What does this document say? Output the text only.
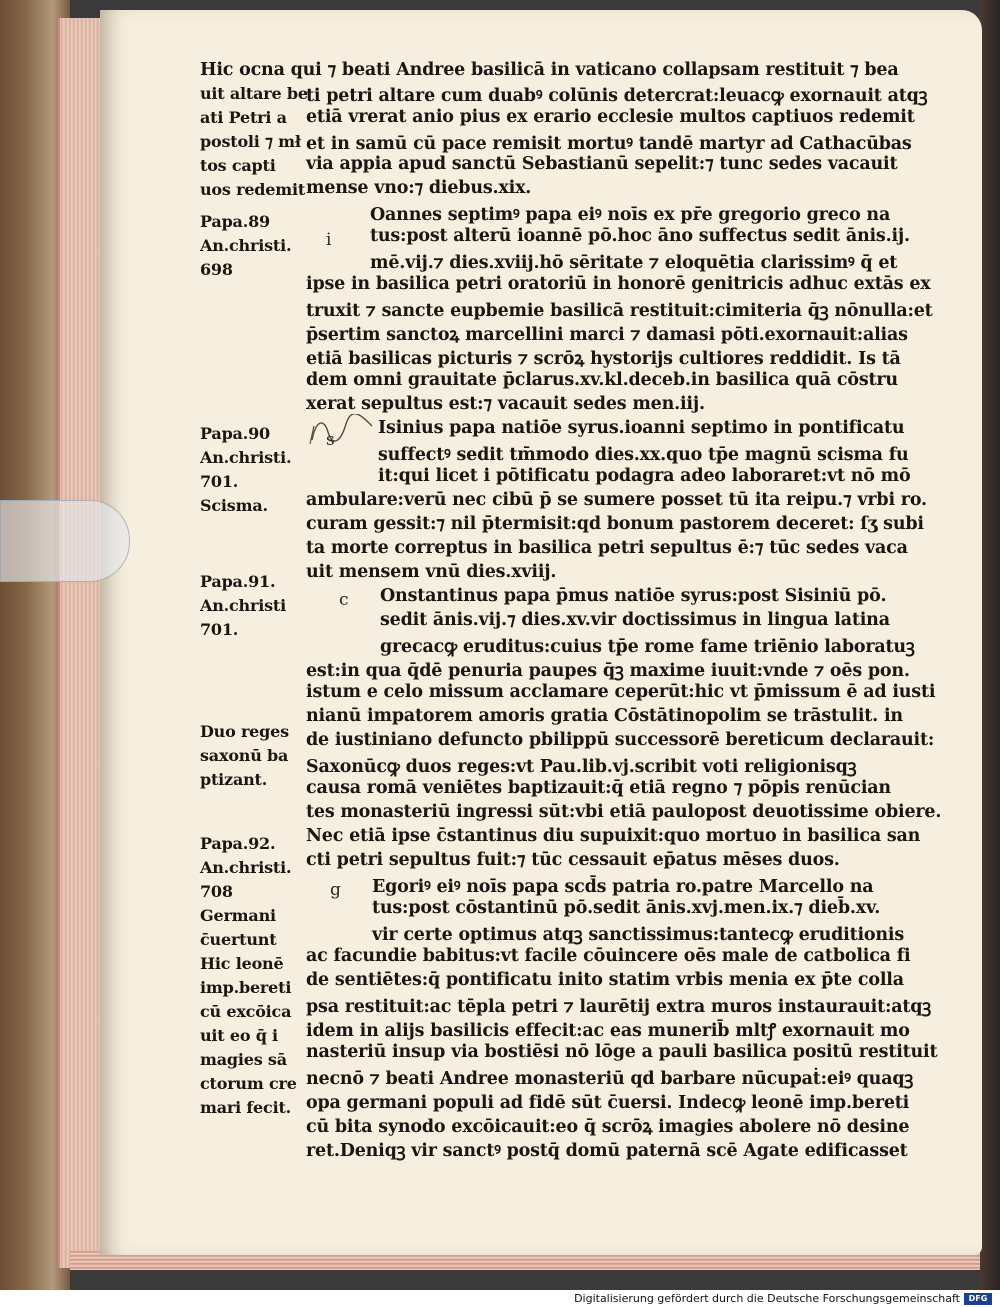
Hic ocna qui ⁊ beati Andree basilicā in vaticano collapsam restituit ⁊ bea
ti petri altare cum duabꝰ colūnis detercrat:leuacꝙ exornauit atqꝫ
etiā vrerat anio pius ex erario ecclesie multos captiuos redemit
et in samū cū pace remisit mortuꝰ tandē martyr ad Cathacūbas
via appia apud sanctū Sebastianū sepelit:⁊ tunc sedes vacauit
mense vno:⁊ diebus.xix.
Oannes septimꝰ papa eiꝰ noīs ex pr̄e gregorio greco na
tus:post alterū ioannē pō.hoc āno suffectus sedit ānis.ij.
mē.vij.⁊ dies.xviij.hō sēritate ⁊ eloquētia clarissimꝰ q̄ et
ipse in basilica petri oratoriū in honorē genitricis adhuc extās ex
truxit ⁊ sancte eupbemie basilicā restituit:cimiteria q̄ꝫ nōnulla:et
p̄sertim sanctoꝝ marcellini marci ⁊ damasi pōti.exornauit:alias
etiā basilicas picturis ⁊ scrōꝝ hystorijs cultiores reddidit. Is tā
dem omni grauitate p̄clarus.xv.kl.deceb.in basilica quā cōstru
xerat sepultus est:⁊ vacauit sedes men.iij.
Isinius papa natiōe syrus.ioanni septimo in pontificatu
suffectꝰ sedit tm̄modo dies.xx.quo tp̄e magnū scisma fu
it:qui licet i pōtificatu podagra adeo laboraret:vt nō mō
ambulare:verū nec cibū p̄ se sumere posset tū ita reipu.⁊ vrbi ro.
curam gessit:⁊ nil p̄termisit:qd bonum pastorem deceret: ſʒ subi
ta morte correptus in basilica petri sepultus ē:⁊ tūc sedes vaca
uit mensem vnū dies.xviij.
Onstantinus papa p̄mus natiōe syrus:post Sisiniū pō.
sedit ānis.vij.⁊ dies.xv.vir doctissimus in lingua latina
grecacꝙ eruditus:cuius tp̄e rome fame triēnio laboratuꝫ
est:in qua q̄dē penuria paupes q̄ꝫ maxime iuuit:vnde ⁊ oēs pon.
istum e celo missum acclamare ceperūt:hic vt p̄missum ē ad iusti
nianū impatorem amoris gratia Cōstātinopolim se trāstulit. in
de iustiniano defuncto pbilippū successorē bereticum declarauit:
Saxonūcꝙ duos reges:vt Pau.lib.vj.scribit voti religionisqꝫ
causa romā veniētes baptizauit:q̄ etiā regno ⁊ pōpis renūcian
tes monasteriū ingressi sūt:vbi etiā paulopost deuotissime obiere.
Nec etiā ipse c̄stantinus diu supuixit:quo mortuo in basilica san
cti petri sepultus fuit:⁊ tūc cessauit ep̄atus mēses duos.
Egoriꝰ eiꝰ noīs papa scd̄s patria ro.patre Marcello na
tus:post cōstantinū pō.sedit ānis.xvj.men.ix.⁊ dieb̄.xv.
vir certe optimus atqꝫ sanctissimus:tantecꝙ eruditionis
ac facundie babitus:vt facile cōuincere oēs male de catbolica fi
de sentiētes:q̄ pontificatu inito statim vrbis menia ex p̄te colla
psa restituit:ac tēpla petri ⁊ laurētij extra muros instaurauit:atqꝫ
idem in alijs basilicis effecit:ac eas munerib̄ mltꝭ exornauit mo
nasteriū insup via bostiēsi nō lōge a pauli basilica positū restituit
necnō ⁊ beati Andree monasteriū qd barbare nūcupaṫ:eiꝰ quaqꝫ
opa germani populi ad fidē sūt c̄uersi. Indecꝙ leonē imp.bereti
cū bita synodo excōicauit:eo q̄ scrōꝝ imagies abolere nō desine
ret.Deniqꝫ vir sanctꝰ postq̄ domū paternā scē Agate edificasset
i
s
c
g
uit altare be
ati Petri a
postoli ⁊ mł
tos capti
uos redemit
Papa.89
An.christi.
698
Papa.90
An.christi.
701.
Scisma.
Papa.91.
An.christi
701.
Duo reges
saxonū ba
ptizant.
Papa.92.
An.christi.
708
Germani
c̄uertunt
Hic leonē
imp.bereti
cū excōica
uit eo q̄ i
magies sā
ctorum cre
mari fecit.
Digitalisierung gefördert durch die Deutsche Forschungsgemeinschaft	DFG
